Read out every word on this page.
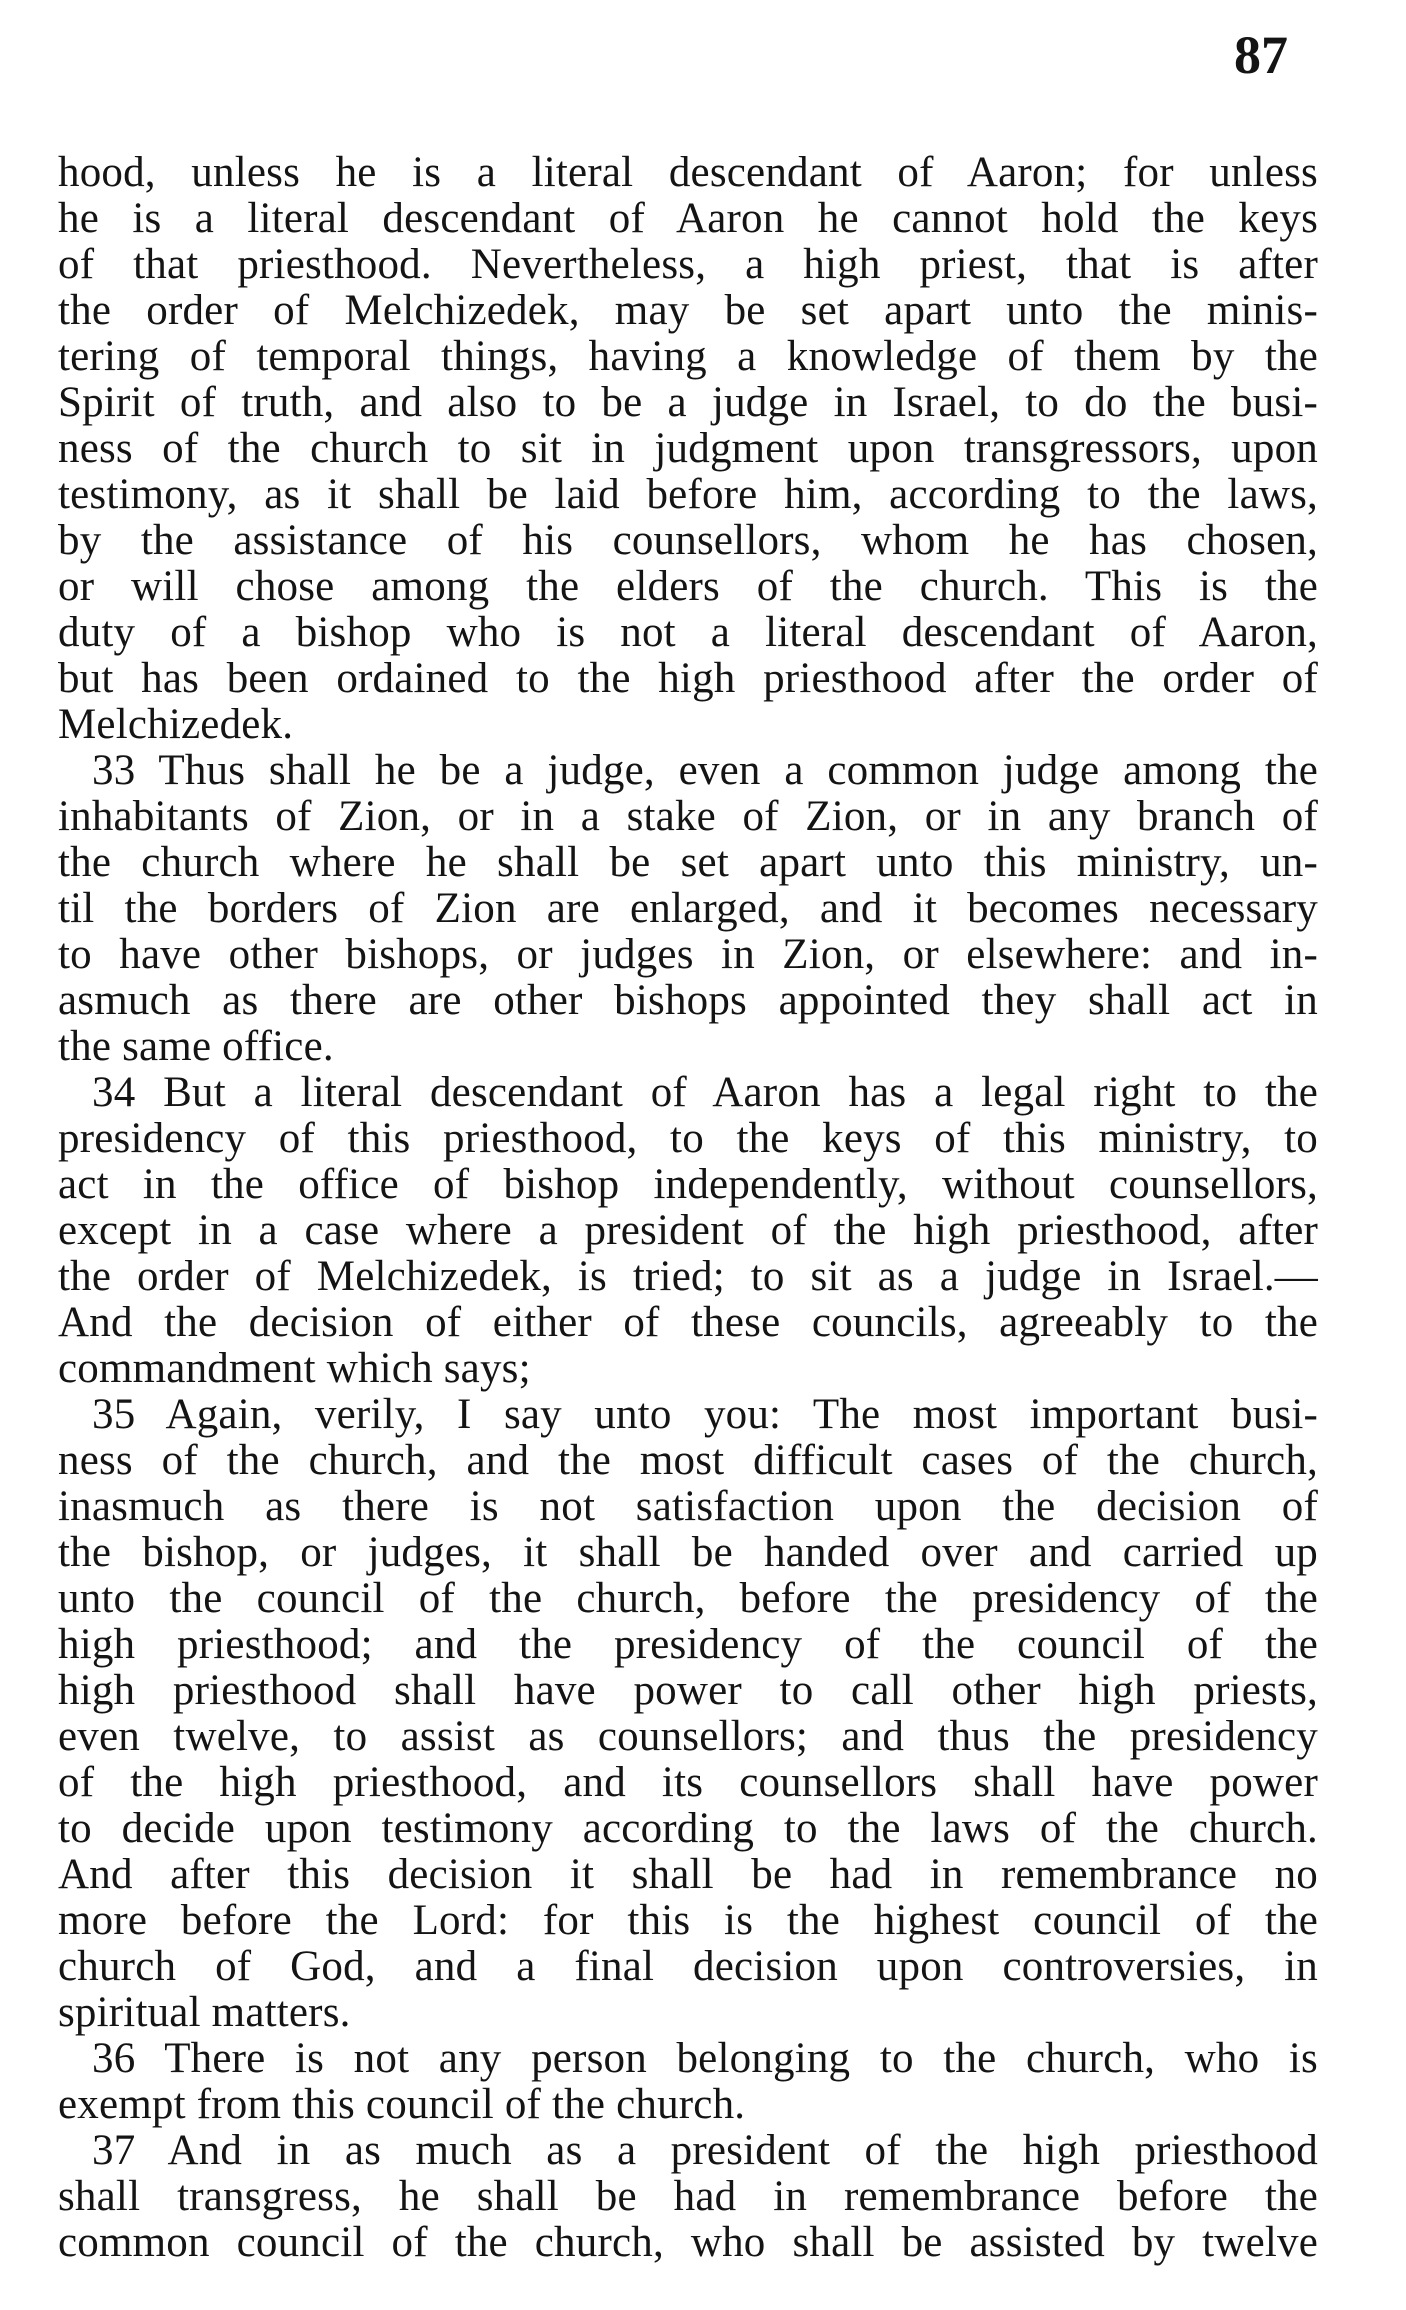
87
hood, unless he is a literal descendant of Aaron; for unless
he is a literal descendant of Aaron he cannot hold the keys
of that priesthood. Nevertheless, a high priest, that is after
the order of Melchizedek, may be set apart unto the minis-
tering of temporal things, having a knowledge of them by the
Spirit of truth, and also to be a judge in Israel, to do the busi-
ness of the church to sit in judgment upon transgressors, upon
testimony, as it shall be laid before him, according to the laws,
by the assistance of his counsellors, whom he has chosen,
or will chose among the elders of the church. This is the
duty of a bishop who is not a literal descendant of Aaron,
but has been ordained to the high priesthood after the order of
Melchizedek.
33 Thus shall he be a judge, even a common judge among the
inhabitants of Zion, or in a stake of Zion, or in any branch of
the church where he shall be set apart unto this ministry, un-
til the borders of Zion are enlarged, and it becomes necessary
to have other bishops, or judges in Zion, or elsewhere: and in-
asmuch as there are other bishops appointed they shall act in
the same office.
34 But a literal descendant of Aaron has a legal right to the
presidency of this priesthood, to the keys of this ministry, to
act in the office of bishop independently, without counsellors,
except in a case where a president of the high priesthood, after
the order of Melchizedek, is tried; to sit as a judge in Israel.—
And the decision of either of these councils, agreeably to the
commandment which says;
35 Again, verily, I say unto you: The most important busi-
ness of the church, and the most difficult cases of the church,
inasmuch as there is not satisfaction upon the decision of
the bishop, or judges, it shall be handed over and carried up
unto the council of the church, before the presidency of the
high priesthood; and the presidency of the council of the
high priesthood shall have power to call other high priests,
even twelve, to assist as counsellors; and thus the presidency
of the high priesthood, and its counsellors shall have power
to decide upon testimony according to the laws of the church.
And after this decision it shall be had in remembrance no
more before the Lord: for this is the highest council of the
church of God, and a final decision upon controversies, in
spiritual matters.
36 There is not any person belonging to the church, who is
exempt from this council of the church.
37 And in as much as a president of the high priesthood
shall transgress, he shall be had in remembrance before the
common council of the church, who shall be assisted by twelve
